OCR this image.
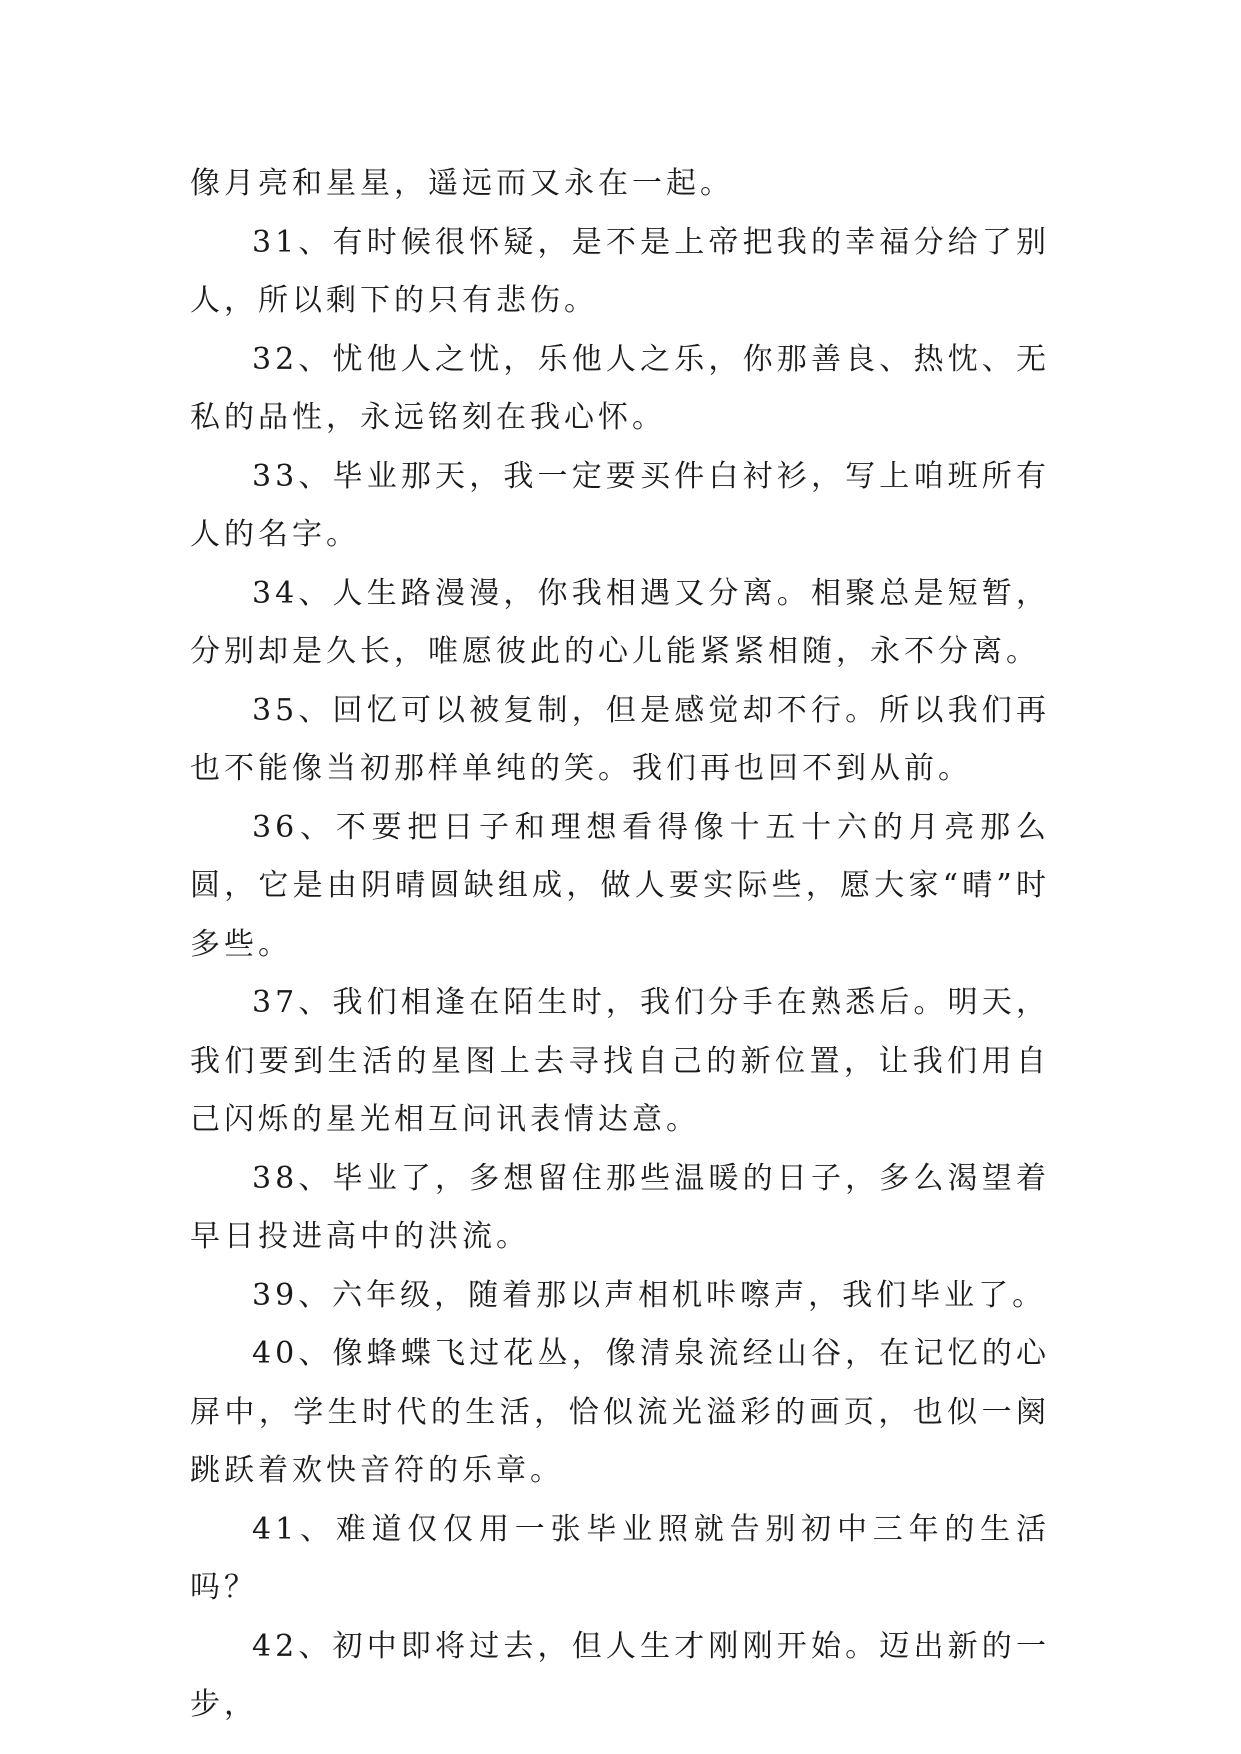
像月亮和星星，遥远而又永在一起。

31、有时候很怀疑，是不是上帝把我的幸福分给了别人，所以剩下的只有悲伤。

32、忧他人之忧，乐他人之乐，你那善良、热忱、无私的品性，永远铭刻在我心怀。

33、毕业那天，我一定要买件白衬衫，写上咱班所有人的名字。

34、人生路漫漫，你我相遇又分离。相聚总是短暂，分别却是久长，唯愿彼此的心儿能紧紧相随，永不分离。

35、回忆可以被复制，但是感觉却不行。所以我们再也不能像当初那样单纯的笑。我们再也回不到从前。

36、不要把日子和理想看得像十五十六的月亮那么圆，它是由阴晴圆缺组成，做人要实际些，愿大家“晴”时多些。

37、我们相逢在陌生时，我们分手在熟悉后。明天，我们要到生活的星图上去寻找自己的新位置，让我们用自己闪烁的星光相互问讯表情达意。

38、毕业了，多想留住那些温暖的日子，多么渴望着早日投进高中的洪流。

39、六年级，随着那以声相机咔嚓声，我们毕业了。

40、像蜂蝶飞过花丛，像清泉流经山谷，在记忆的心屏中，学生时代的生活，恰似流光溢彩的画页，也似一阕跳跃着欢快音符的乐章。

41、难道仅仅用一张毕业照就告别初中三年的生活吗？

42、初中即将过去，但人生才刚刚开始。迈出新的一步，
